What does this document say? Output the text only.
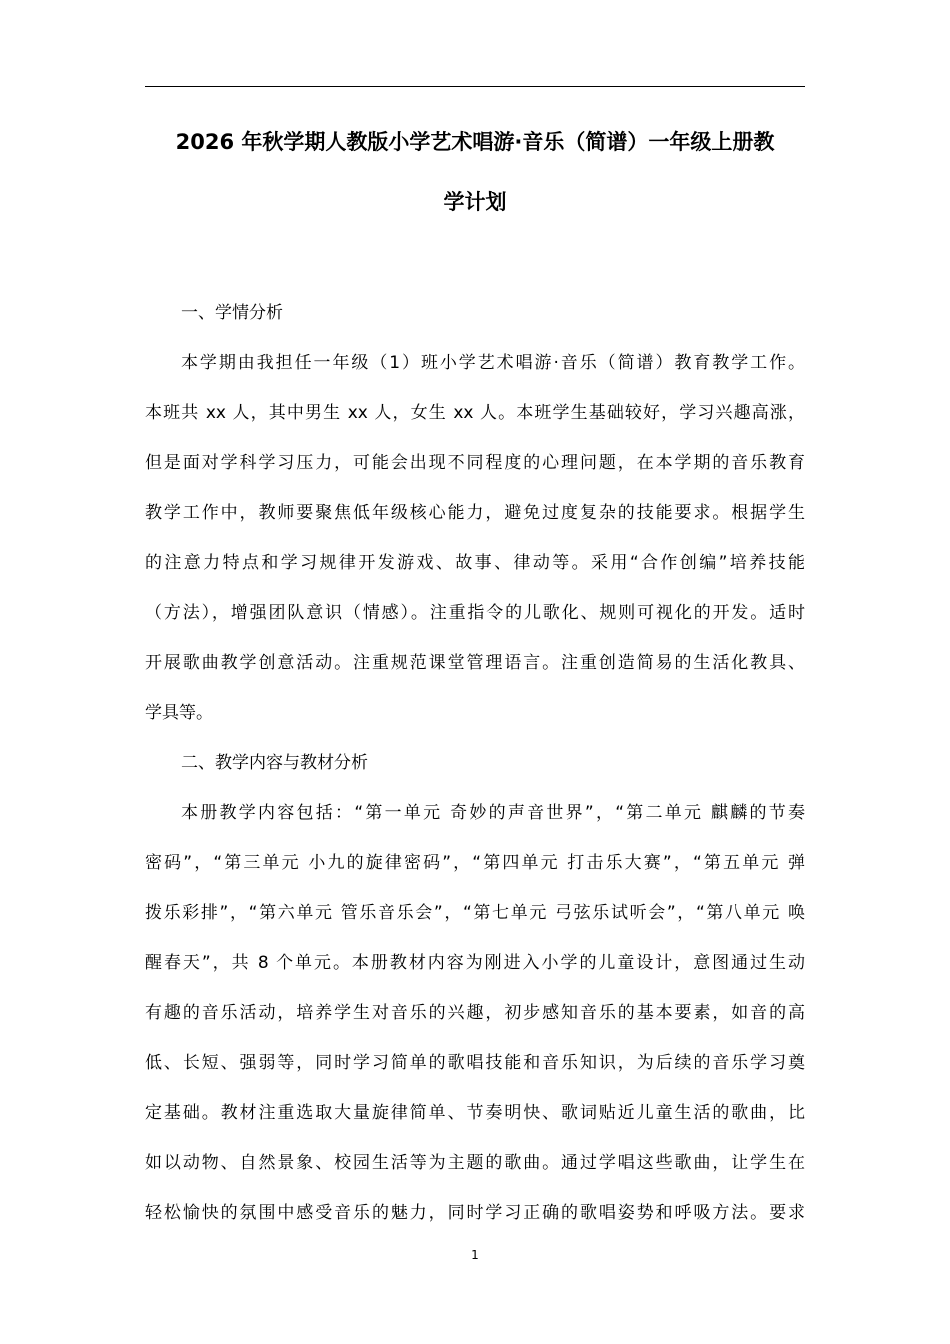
2026 年秋学期人教版小学艺术唱游·音乐（简谱）一年级上册教
学计划
一、学情分析
本学期由我担任一年级（1）班小学艺术唱游·音乐（简谱）教育教学工作。
本班共 xx 人，其中男生 xx 人，女生 xx 人。本班学生基础较好，学习兴趣高涨，
但是面对学科学习压力，可能会出现不同程度的心理问题，在本学期的音乐教育
教学工作中，教师要聚焦低年级核心能力，避免过度复杂的技能要求。根据学生
的注意力特点和学习规律开发游戏、故事、律动等。采用“合作创编”培养技能
（方法），增强团队意识（情感）。注重指令的儿歌化、规则可视化的开发。适时
开展歌曲教学创意活动。注重规范课堂管理语言。注重创造简易的生活化教具、
学具等。
二、教学内容与教材分析
本册教学内容包括：“第一单元 奇妙的声音世界”，“第二单元 麒麟的节奏
密码”，“第三单元 小九的旋律密码”，“第四单元 打击乐大赛”，“第五单元 弹
拨乐彩排”，“第六单元 管乐音乐会”，“第七单元 弓弦乐试听会”，“第八单元 唤
醒春天”，共 8 个单元。本册教材内容为刚进入小学的儿童设计，意图通过生动
有趣的音乐活动，培养学生对音乐的兴趣，初步感知音乐的基本要素，如音的高
低、长短、强弱等，同时学习简单的歌唱技能和音乐知识，为后续的音乐学习奠
定基础。教材注重选取大量旋律简单、节奏明快、歌词贴近儿童生活的歌曲，比
如以动物、自然景象、校园生活等为主题的歌曲。通过学唱这些歌曲，让学生在
轻松愉快的氛围中感受音乐的魅力，同时学习正确的歌唱姿势和呼吸方法。要求
1
